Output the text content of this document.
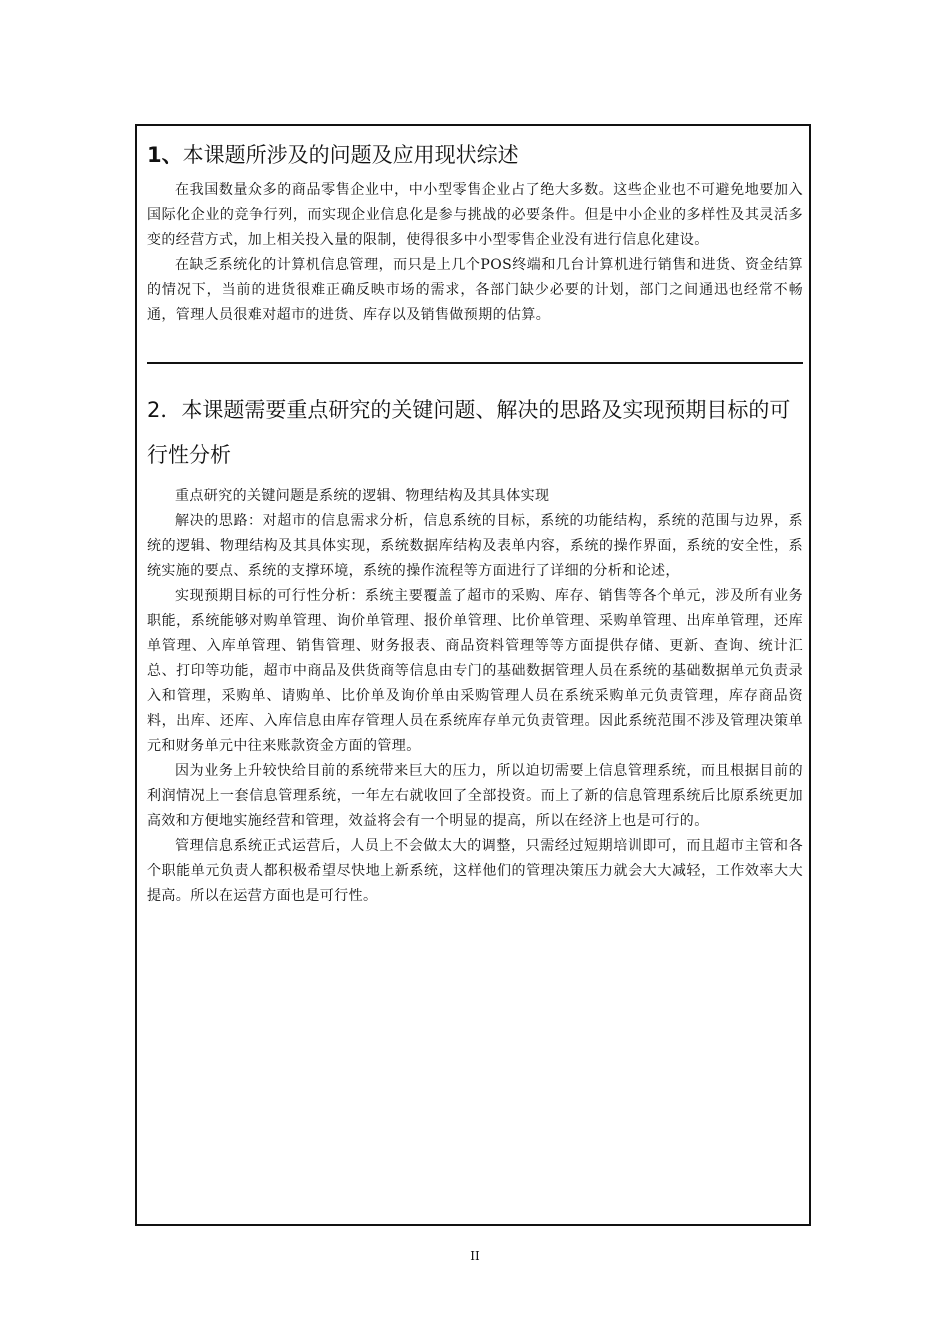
1、本课题所涉及的问题及应用现状综述

在我国数量众多的商品零售企业中，中小型零售企业占了绝大多数。这些企业也不可避免地要加入国际化企业的竞争行列，而实现企业信息化是参与挑战的必要条件。但是中小企业的多样性及其灵活多变的经营方式，加上相关投入量的限制，使得很多中小型零售企业没有进行信息化建设。

在缺乏系统化的计算机信息管理，而只是上几个POS终端和几台计算机进行销售和进货、资金结算的情况下，当前的进货很难正确反映市场的需求，各部门缺少必要的计划，部门之间通迅也经常不畅通，管理人员很难对超市的进货、库存以及销售做预期的估算。

2．本课题需要重点研究的关键问题、解决的思路及实现预期目标的可行性分析

重点研究的关键问题是系统的逻辑、物理结构及其具体实现

解决的思路：对超市的信息需求分析，信息系统的目标，系统的功能结构，系统的范围与边界，系统的逻辑、物理结构及其具体实现，系统数据库结构及表单内容，系统的操作界面，系统的安全性，系统实施的要点、系统的支撑环境，系统的操作流程等方面进行了详细的分析和论述，

实现预期目标的可行性分析：系统主要覆盖了超市的采购、库存、销售等各个单元，涉及所有业务职能，系统能够对购单管理、询价单管理、报价单管理、比价单管理、采购单管理、出库单管理，还库单管理、入库单管理、销售管理、财务报表、商品资料管理等等方面提供存储、更新、查询、统计汇总、打印等功能，超市中商品及供货商等信息由专门的基础数据管理人员在系统的基础数据单元负责录入和管理，采购单、请购单、比价单及询价单由采购管理人员在系统采购单元负责管理，库存商品资料，出库、还库、入库信息由库存管理人员在系统库存单元负责管理。因此系统范围不涉及管理决策单元和财务单元中往来账款资金方面的管理。

因为业务上升较快给目前的系统带来巨大的压力，所以迫切需要上信息管理系统，而且根据目前的利润情况上一套信息管理系统，一年左右就收回了全部投资。而上了新的信息管理系统后比原系统更加高效和方便地实施经营和管理，效益将会有一个明显的提高，所以在经济上也是可行的。

管理信息系统正式运营后，人员上不会做太大的调整，只需经过短期培训即可，而且超市主管和各个职能单元负责人都积极希望尽快地上新系统，这样他们的管理决策压力就会大大减轻，工作效率大大提高。所以在运营方面也是可行性。

II
